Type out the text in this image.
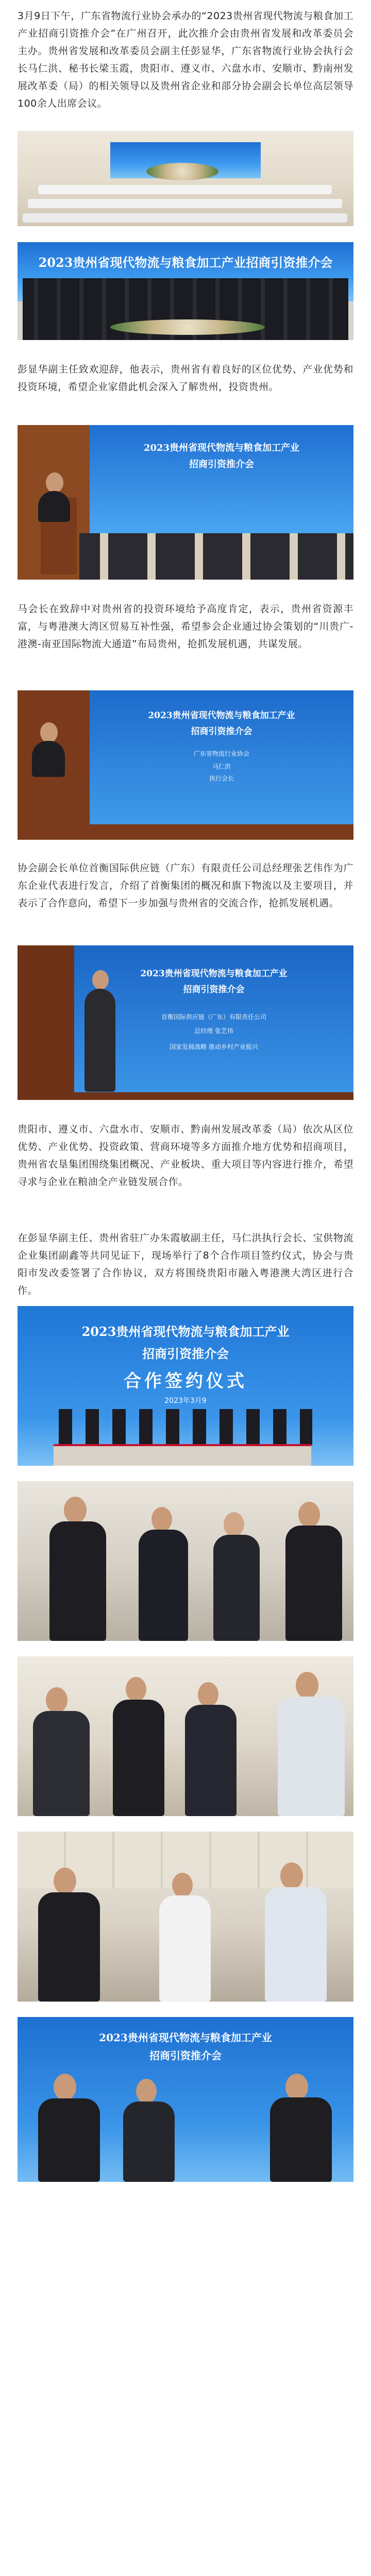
3月9日下午，广东省物流行业协会承办的“2023贵州省现代物流与粮食加工产业招商引资推介会”在广州召开，此次推介会由贵州省发展和改革委员会主办。贵州省发展和改革委员会副主任彭显华，广东省物流行业协会执行会长马仁洪、秘书长梁玉霞，贵阳市、遵义市、六盘水市、安顺市、黔南州发展改革委（局）的相关领导以及贵州省企业和部分协会副会长单位高层领导100余人出席会议。

2023贵州省现代物流与粮食加工产业招商引资推介会

彭显华副主任致欢迎辞，他表示，贵州省有着良好的区位优势、产业优势和投资环境，希望企业家借此机会深入了解贵州，投资贵州。

2023贵州省现代物流与粮食加工产业
招商引资推介会

马会长在致辞中对贵州省的投资环境给予高度肯定，表示，贵州省资源丰富，与粤港澳大湾区贸易互补性强，希望参会企业通过协会策划的“川贵广-港澳-南亚国际物流大通道”布局贵州，抢抓发展机遇，共谋发展。

2023贵州省现代物流与粮食加工产业
招商引资推介会
广东省物流行业协会
马仁洪
执行会长

协会副会长单位首衡国际供应链（广东）有限责任公司总经理张艺伟作为广东企业代表进行发言，介绍了首衡集团的概况和旗下物流以及主要项目，并表示了合作意向，希望下一步加强与贵州省的交流合作，抢抓发展机遇。

2023贵州省现代物流与粮食加工产业
招商引资推介会
首衡国际供应链（广东）有限责任公司
总经理 张艺伟
国家发展战略 推动乡村产业振兴

贵阳市、遵义市、六盘水市、安顺市、黔南州发展改革委（局）依次从区位优势、产业优势、投资政策、营商环境等多方面推介地方优势和招商项目，贵州省农垦集团围绕集团概况、产业板块、重大项目等内容进行推介，希望寻求与企业在粮油全产业链发展合作。

在彭显华副主任、贵州省驻广办朱霞敏副主任，马仁洪执行会长、宝供物流企业集团副鑫等共同见证下，现场举行了8个合作项目签约仪式，协会与贵阳市发改委签署了合作协议，双方将围绕贵阳市融入粤港澳大湾区进行合作。

2023贵州省现代物流与粮食加工产业
招商引资推介会
合作签约仪式
2023年3月9
2023贵州省现代物流与粮食加工产业
招商引资推介会
